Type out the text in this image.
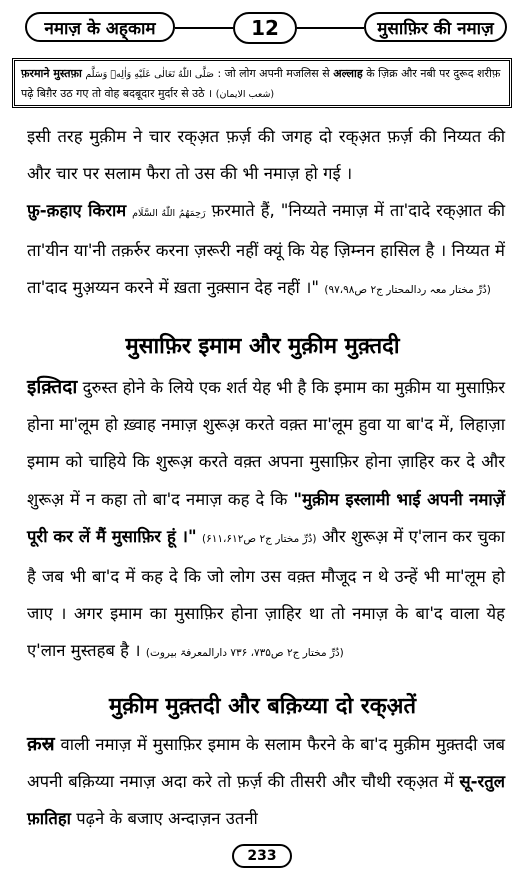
नमाज़ के अह्‌काम	12	मुसाफ़िर की नमाज़
फ़रमाने मुस्तफ़ा صَلَّى اللّٰهُ تَعَالٰی عَلَيْهِ وَاٰلِهٖ وَسَلَّم : जो लोग अपनी मजलिस से अल्लाह के ज़िक्र और नबी पर दुरूद शरीफ़ पढ़े बिग़ैर उठ गए तो वोह बदबूदार मुर्दार से उठे । (شعب الایمان)
इसी तरह मुक़ीम ने चार रक्‌अ़त फ़र्ज़ की जगह दो रक्‌अ़त फ़र्ज़ की निय्यत की और चार पर सलाम फैरा तो उस की भी नमाज़ हो गई ।
फ़ु-क़हाए किराम رَحِمَهُمُ اللّٰهُ السَّلَام फ़रमाते हैं, "निय्यते नमाज़ में ता'दादे रक्‌आ़त की ता'यीन या'नी तक़र्रुर करना ज़रूरी नहीं क्यूं कि येह ज़िम्नन हासिल है । निय्यत में ता'दाद मुअ़य्यन करने में ख़ता नुक़्सान देह नहीं ।" (دُرِّ مختار معہ ردالمحتار ج۲ ص۹۷،۹۸)
मुसाफ़िर इमाम और मुक़ीम मुक़्तदी
इक़्तिदा दुरुस्त होने के लिये एक शर्त येह भी है कि इमाम का मुक़ीम या मुसाफ़िर होना मा'लूम हो ख़्वाह नमाज़ शुरूअ़ करते वक़्त मा'लूम हुवा या बा'द में, लिहाज़ा इमाम को चाहिये कि शुरूअ़ करते वक़्त अपना मुसाफ़िर होना ज़ाहिर कर दे और शुरूअ़ में न कहा तो बा'द नमाज़ कह दे कि "मुक़ीम इस्लामी भाई अपनी नमाज़ें पूरी कर लें मैं मुसाफ़िर हूं ।" (دُرِّ مختار ج۲ ص۶۱۱،۶۱۲) और शुरूअ़ में ए'लान कर चुका है जब भी बा'द में कह दे कि जो लोग उस वक़्त मौजूद न थे उन्हें भी मा'लूम हो जाए । अगर इमाम का मुसाफ़िर होना ज़ाहिर था तो नमाज़ के बा'द वाला येह ए'लान मुस्तहब है । (دُرِّ مختار ج۲ ص۷۳۵، ۷۳۶ دارالمعرفۃ بیروت)
मुक़ीम मुक़्तदी और बक़िय्या दो रक्‌अ़तें
क़स्र वाली नमाज़ में मुसाफ़िर इमाम के सलाम फैरने के बा'द मुक़ीम मुक़्तदी जब अपनी बक़िय्या नमाज़ अदा करे तो फ़र्ज़ की तीसरी और चौथी रक्‌अ़त में सू-रतुल फ़ातिहा पढ़ने के बजाए अन्दाज़न उतनी
233
